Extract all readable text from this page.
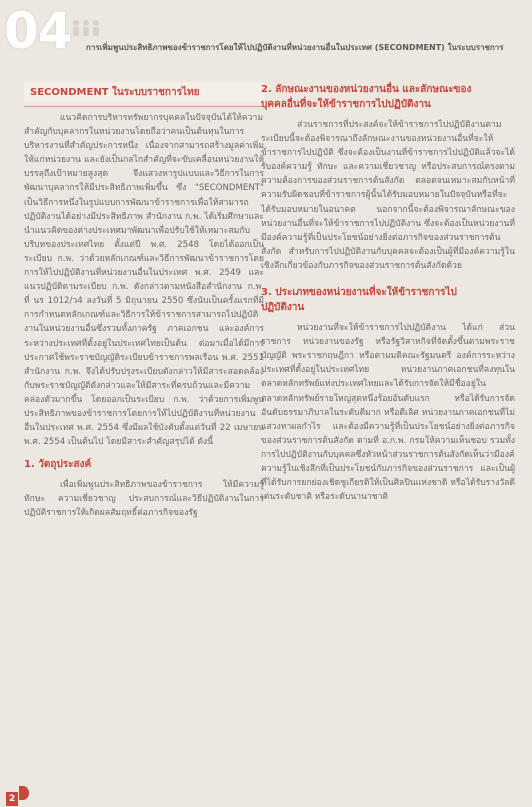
04 การเพิ่มพูนประสิทธิภาพของข้าราชการโดยให้ไปปฏิบัติงานที่หน่วยงานอื่นในประเทศ (SECONDMENT) ในระบบราชการ
SECONDMENT ในระบบราชการไทย

แนวคิดการบริหารทรัพยากรบุคคลในปัจจุบันได้ให้ความสำคัญกับบุคลากรในหน่วยงานโดยถือว่าคนเป็นต้นทุนในการบริหารงานที่สำคัญประการหนึ่ง เนื่องจากสามารถสร้างมูลค่าเพิ่มให้แก่หน่วยงาน และยังเป็นกลไกสำคัญที่จะขับเคลื่อนหน่วยงานให้บรรลุถึงเป้าหมายสูงสุด จึงแสวงหารูปแบบและวิธีการในการพัฒนาบุคลากรให้มีประสิทธิภาพเพิ่มขึ้น ซึ่ง "SECONDMENT" เป็นวิธีการหนึ่งในรูปแบบการพัฒนาข้าราชการเพื่อให้สามารถปฏิบัติงานได้อย่างมีประสิทธิภาพ สำนักงาน ก.พ. ได้เริ่มศึกษาและนำแนวคิดของต่างประเทศมาพัฒนาเพื่อปรับใช้ให้เหมาะสมกับบริบทของประเทศไทย ตั้งแต่ปี พ.ศ. 2548 โดยได้ออกเป็น ระเบียบ ก.พ. ว่าด้วยหลักเกณฑ์และวิธีการพัฒนาข้าราชการโดยการให้ไปปฏิบัติงานที่หน่วยงานอื่นในประเทศ พ.ศ. 2549 และแนวปฏิบัติตามระเบียบ ก.พ. ดังกล่าวตามหนังสือสำนักงาน ก.พ. ที่ นร 1012/ว4 ลงวันที่ 5 มิถุนายน 2550 ซึ่งนับเป็นครั้งแรกที่มีการกำหนดหลักเกณฑ์และวิธีการให้ข้าราชการสามารถไปปฏิบัติงานในหน่วยงานอื่นซึ่งรวมทั้งภาครัฐ ภาคเอกชน และองค์การระหว่างประเทศที่ตั้งอยู่ในประเทศไทยเป็นต้น ต่อมาเมื่อได้มีการประกาศใช้พระราชบัญญัติระเบียบข้าราชการพลเรือน พ.ศ. 2551 สำนักงาน ก.พ. จึงได้ปรับปรุงระเบียบดังกล่าวให้มีสาระสอดคล้องกับพระราชบัญญัติดังกล่าวและให้มีสาระที่ครบถ้วนและมีความคล่องตัวมากขึ้น โดยออกเป็นระเบียบ ก.พ. ว่าด้วยการเพิ่มพูนประสิทธิภาพของข้าราชการโดยการให้ไปปฏิบัติงานที่หน่วยงานอื่นในประเทศ พ.ศ. 2554 ซึ่งมีผลใช้บังคับตั้งแต่วันที่ 22 เมษายน พ.ศ. 2554 เป็นต้นไป โดยมีสาระสำคัญสรุปได้ ดังนี้

1. วัตถุประสงค์

เพื่อเพิ่มพูนประสิทธิภาพของข้าราชการ ให้มีความรู้ ทักษะ ความเชี่ยวชาญ ประสบการณ์และวิธีปฏิบัติงานในการปฏิบัติราชการให้เกิดผลสัมฤทธิ์ต่อภารกิจของรัฐ

2. ลักษณะงานของหน่วยงานอื่น และลักษณะของ
บุคคลอื่นที่จะให้ข้าราชการไปปฏิบัติงาน

ส่วนราชการที่ประสงค์จะให้ข้าราชการไปปฏิบัติงานตามระเบียบนี้จะต้องพิจารณาถึงลักษณะงานของหน่วยงานอื่นที่จะให้ข้าราชการไปปฏิบัติ ซึ่งจะต้องเป็นงานที่ข้าราชการไปปฏิบัติแล้วจะได้รับองค์ความรู้ ทักษะ และความเชี่ยวชาญ หรือประสบการณ์ตรงตามความต้องการของส่วนราชการต้นสังกัด ตลอดจนเหมาะสมกับหน้าที่ความรับผิดชอบที่ข้าราชการผู้นั้นได้รับมอบหมายในปัจจุบันหรือที่จะได้รับมอบหมายในอนาคต นอกจากนี้จะต้องพิจารณาลักษณะของหน่วยงานอื่นที่จะให้ข้าราชการไปปฏิบัติงาน ซึ่งจะต้องเป็นหน่วยงานที่มีองค์ความรู้ที่เป็นประโยชน์อย่างยิ่งต่อภารกิจของส่วนราชการต้นสังกัด สำหรับการไปปฏิบัติงานกับบุคคลจะต้องเป็นผู้ที่มีองค์ความรู้ในเชิงลึกเกี่ยวข้องกับภารกิจของส่วนราชการต้นสังกัดด้วย

3. ประเภทของหน่วยงานที่จะให้ข้าราชการไป
ปฏิบัติงาน

หน่วยงานที่จะให้ข้าราชการไปปฏิบัติงาน ได้แก่ ส่วนราชการ หน่วยงานของรัฐ หรือรัฐวิสาหกิจที่จัดตั้งขึ้นตามพระราชบัญญัติ พระราชกฤษฎีกา หรือตามมติคณะรัฐมนตรี องค์การระหว่างประเทศที่ตั้งอยู่ในประเทศไทย หน่วยงานภาคเอกชนที่ลงทุนในตลาดหลักทรัพย์แห่งประเทศไทยและได้รับการจัดให้มีชื่ออยู่ในตลาดหลักทรัพย์รายใหญ่สุดหนึ่งร้อยอันดับแรก หรือได้รับการจัดอันดับธรรมาภิบาลในระดับดีมาก หรือดีเลิศ หน่วยงานภาคเอกชนที่ไม่แสวงหาผลกำไร และต้องมีความรู้ที่เป็นประโยชน์อย่างยิ่งต่อภารกิจของส่วนราชการต้นสังกัด ตามที่ อ.ก.พ. กรมให้ความเห็นชอบ รวมทั้งการไปปฏิบัติงานกับบุคคลซึ่งหัวหน้าส่วนราชการต้นสังกัดเห็นว่ามีองค์ความรู้ในเชิงลึกที่เป็นประโยชน์กับภารกิจของส่วนราชการ และเป็นผู้ที่ได้รับการยกย่องเชิดชูเกียรติให้เป็นศิลปินแห่งชาติ หรือได้รับรางวัลดีเด่นระดับชาติ หรือระดับนานาชาติ

2
